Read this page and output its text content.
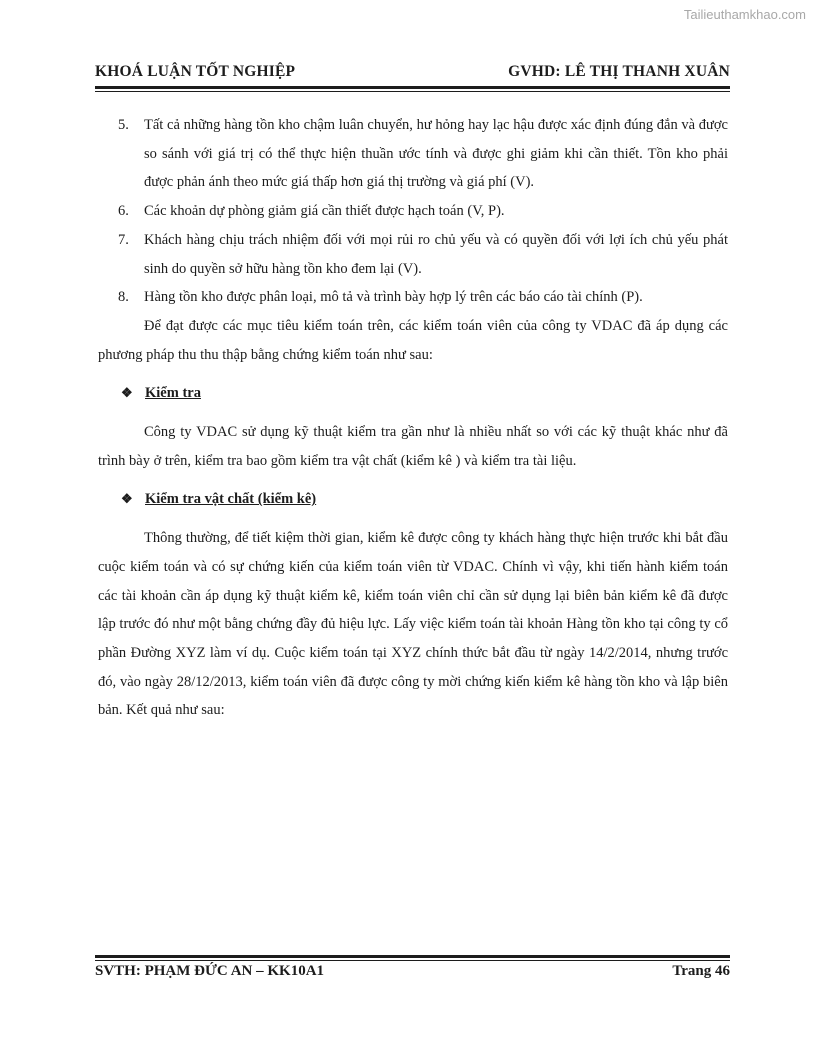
Tailieuthamkhao.com
KHOÁ LUẬN TỐT NGHIỆP	GVHD: LÊ THỊ THANH XUÂN
5. Tất cả những hàng tồn kho chậm luân chuyển, hư hỏng hay lạc hậu được xác định đúng đắn và được so sánh với giá trị có thể thực hiện thuần ước tính và được ghi giảm khi cần thiết. Tồn kho phải được phản ánh theo mức giá thấp hơn giá thị trường và giá phí (V).
6. Các khoản dự phòng giảm giá cần thiết được hạch toán (V, P).
7. Khách hàng chịu trách nhiệm đối với mọi rủi ro chủ yếu và có quyền đối với lợi ích chủ yếu phát sinh do quyền sở hữu hàng tồn kho đem lại (V).
8. Hàng tồn kho được phân loại, mô tả và trình bày hợp lý trên các báo cáo tài chính (P).

Để đạt được các mục tiêu kiểm toán trên, các kiểm toán viên của công ty VDAC đã áp dụng các phương pháp thu thu thập bằng chứng kiểm toán như sau:

❖ Kiểm tra

Công ty VDAC sử dụng kỹ thuật kiểm tra gần như là nhiều nhất so với các kỹ thuật khác như đã trình bày ở trên, kiểm tra bao gồm kiểm tra vật chất (kiểm kê ) và kiểm tra tài liệu.

❖ Kiểm tra vật chất (kiểm kê)

Thông thường, để tiết kiệm thời gian, kiểm kê được công ty khách hàng thực hiện trước khi bắt đầu cuộc kiểm toán và có sự chứng kiến của kiểm toán viên từ VDAC. Chính vì vậy, khi tiến hành kiểm toán các tài khoản cần áp dụng kỹ thuật kiểm kê, kiểm toán viên chỉ cần sử dụng lại biên bản kiểm kê đã được lập trước đó như một bằng chứng đầy đủ hiệu lực. Lấy việc kiểm toán tài khoản Hàng tồn kho tại công ty cổ phần Đường XYZ làm ví dụ. Cuộc kiểm toán tại XYZ chính thức bắt đầu từ ngày 14/2/2014, nhưng trước đó, vào ngày 28/12/2013, kiểm toán viên đã được công ty mời chứng kiến kiểm kê hàng tồn kho và lập biên bản. Kết quả như sau:

SVTH: PHẠM ĐỨC AN – KK10A1	Trang 46
